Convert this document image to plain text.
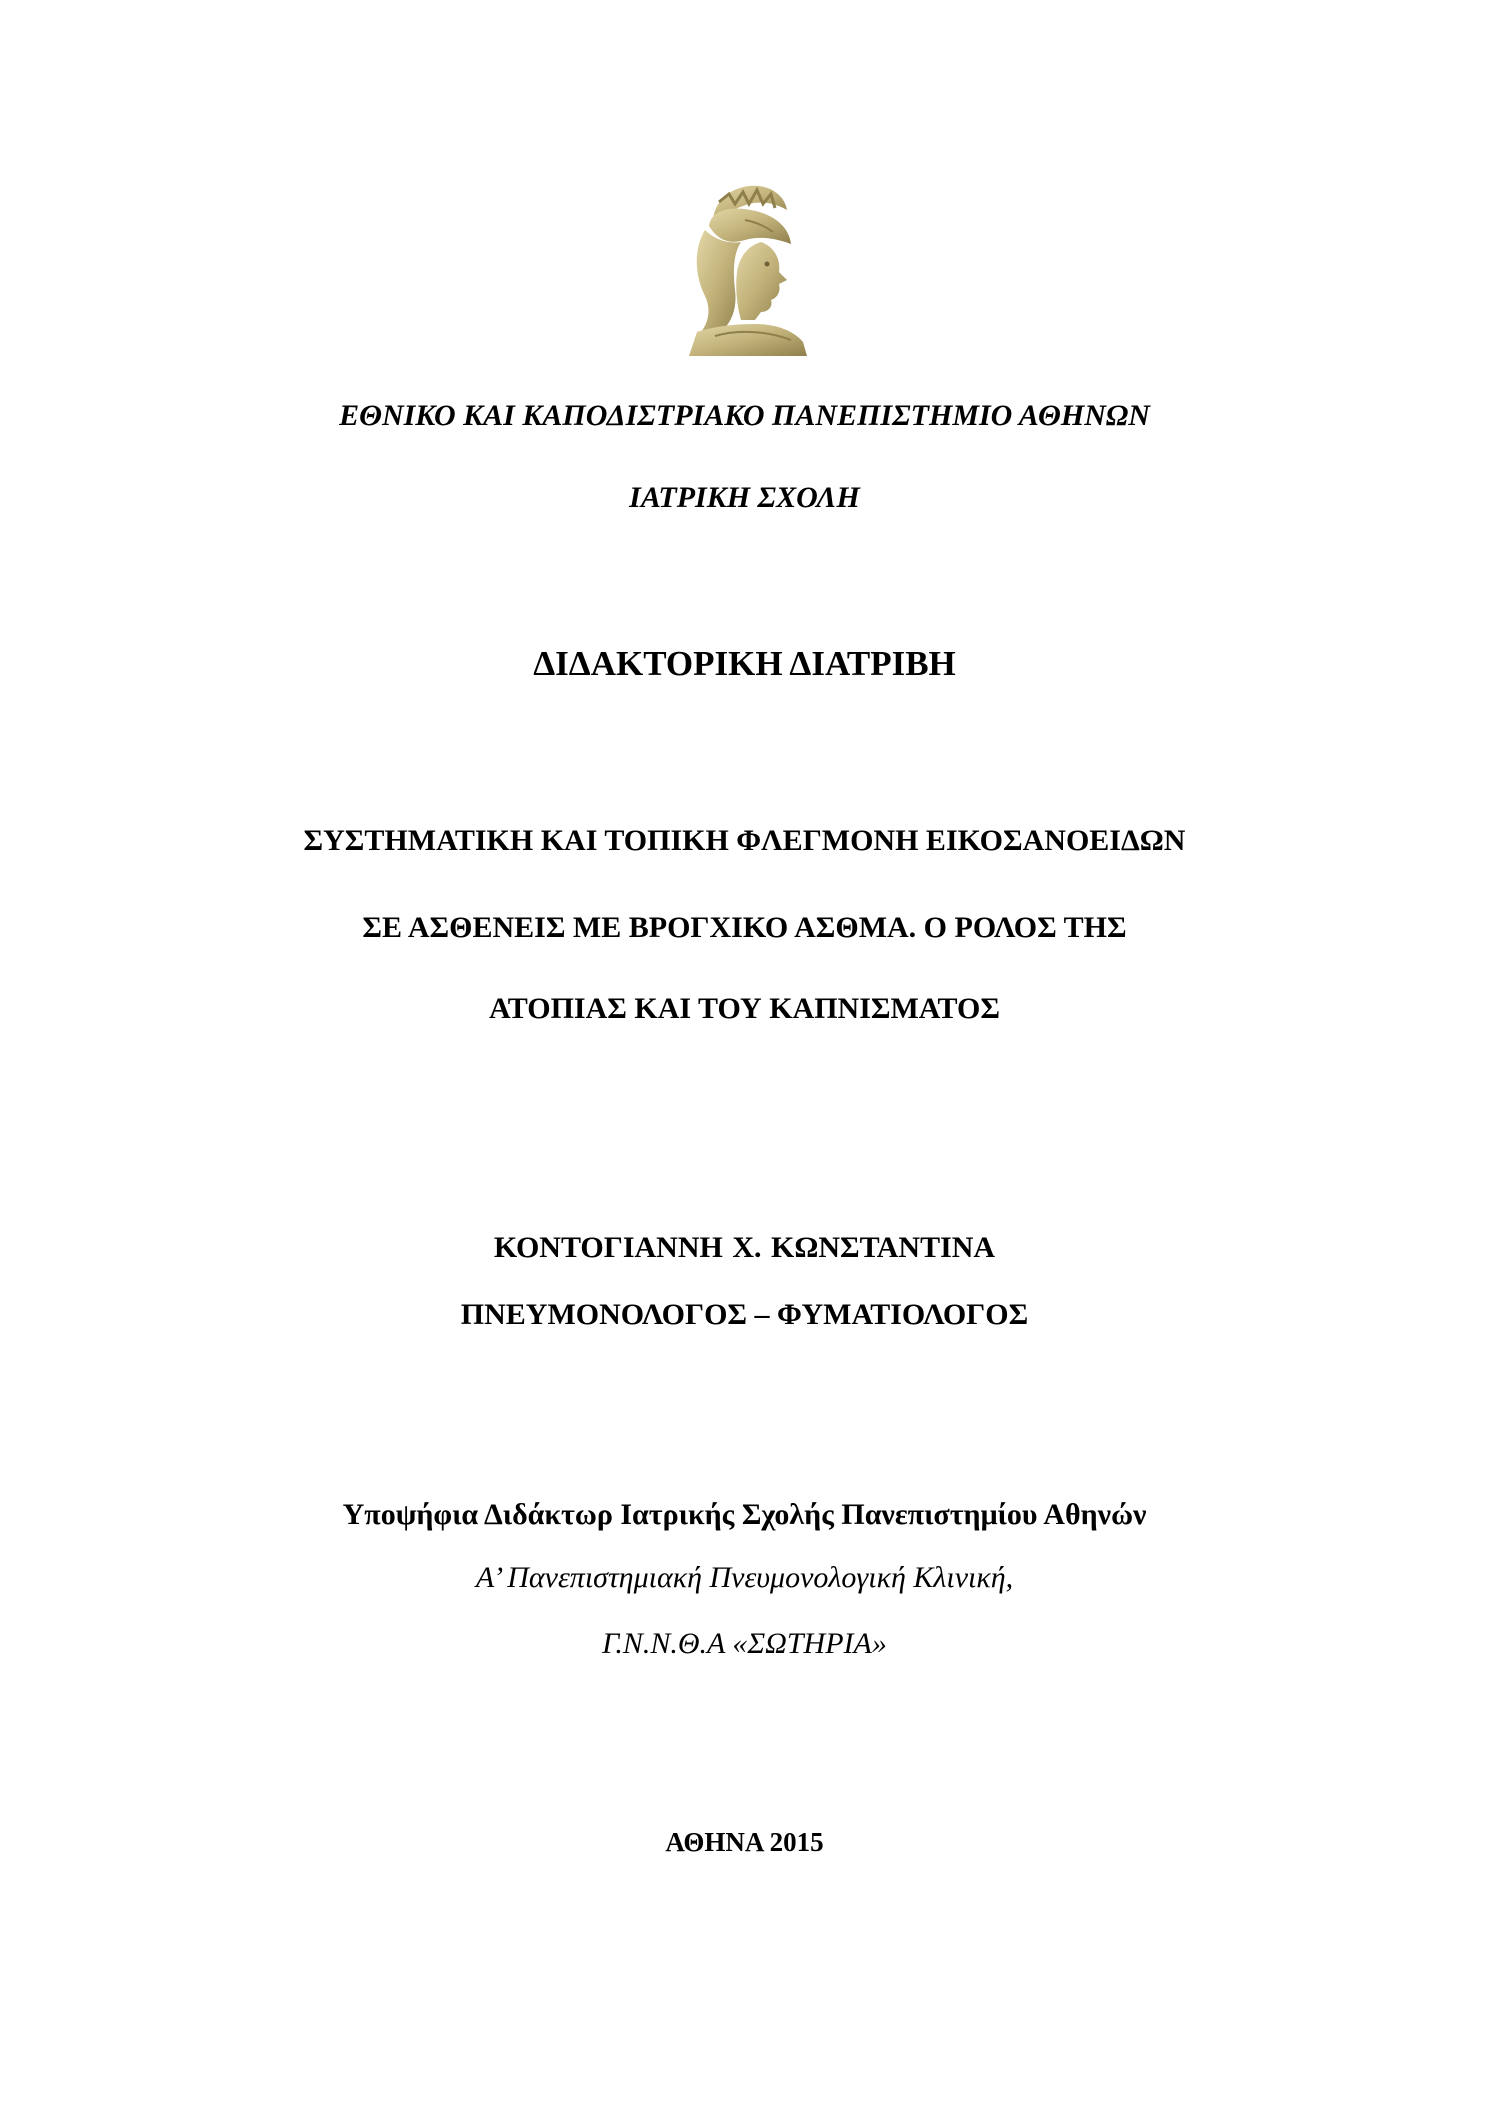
ΕΘΝΙΚΟ ΚΑΙ ΚΑΠΟΔΙΣΤΡΙΑΚΟ ΠΑΝΕΠΙΣΤΗΜΙΟ ΑΘΗΝΩΝ
ΙΑΤΡΙΚΗ ΣΧΟΛΗ
ΔΙΔΑΚΤΟΡΙΚΗ ΔΙΑΤΡΙΒΗ
ΣΥΣΤΗΜΑΤΙΚΗ ΚΑΙ ΤΟΠΙΚΗ ΦΛΕΓΜΟΝΗ ΕΙΚΟΣΑΝΟΕΙΔΩΝ
ΣΕ ΑΣΘΕΝΕΙΣ ΜΕ ΒΡΟΓΧΙΚΟ ΑΣΘΜΑ. Ο ΡΟΛΟΣ ΤΗΣ
ΑΤΟΠΙΑΣ ΚΑΙ ΤΟΥ ΚΑΠΝΙΣΜΑΤΟΣ
ΚΟΝΤΟΓΙΑΝΝΗ Χ. ΚΩΝΣΤΑΝΤΙΝΑ
ΠΝΕΥΜΟΝΟΛΟΓΟΣ – ΦΥΜΑΤΙΟΛΟΓΟΣ
Υποψήφια Διδάκτωρ Ιατρικής Σχολής Πανεπιστημίου Αθηνών
Α’ Πανεπιστημιακή Πνευμονολογική Κλινική,
Γ.Ν.Ν.Θ.Α «ΣΩΤΗΡΙΑ»
ΑΘΗΝΑ 2015
